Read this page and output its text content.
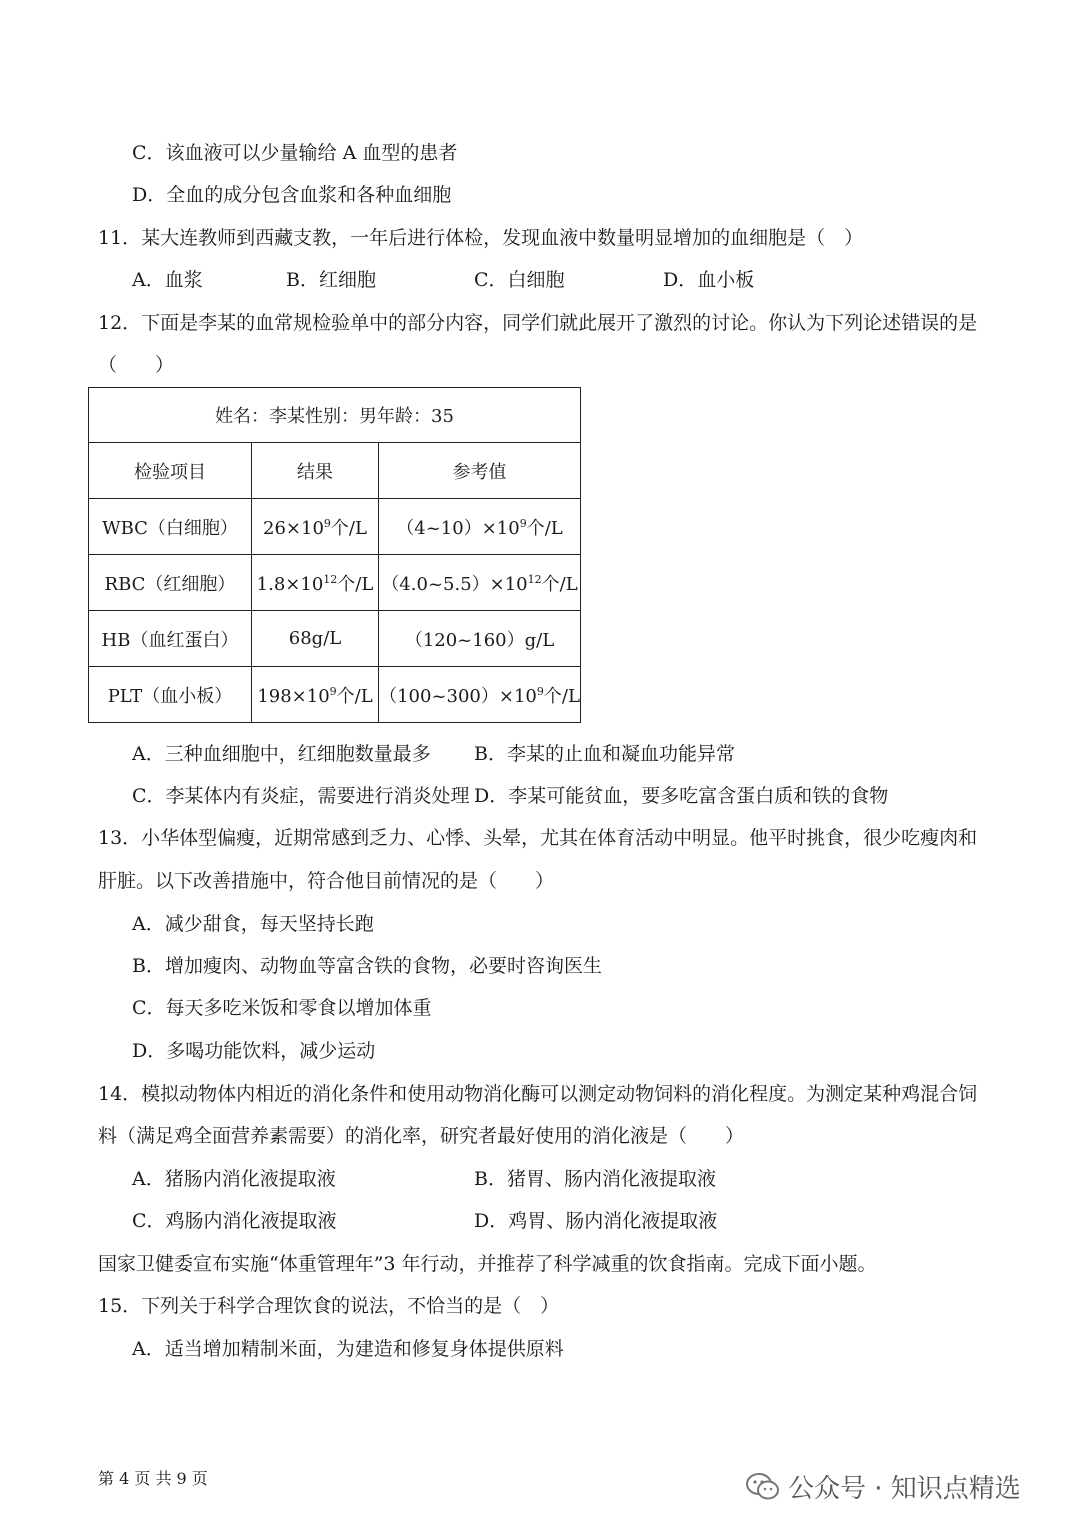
C．该血液可以少量输给 A 血型的患者
D．全血的成分包含血浆和各种血细胞
11．某大连教师到西藏支教，一年后进行体检，发现血液中数量明显增加的血细胞是（　）
A．血浆	B．红细胞	C．白细胞	D．血小板
12．下面是李某的血常规检验单中的部分内容，同学们就此展开了激烈的讨论。你认为下列论述错误的是
（　　）
姓名：李某性别：男年龄：35		
检验项目	结果	参考值
WBC（白细胞）	$26\times 10^9$个/L	$(4\sim 10)\times 10^9$个/L
RBC（红细胞）	$1.8\times 10^{12}$个/L	$(4.0\sim 5.5)\times 10^{12}$个/L
HB（血红蛋白）	68g/L	（120~160）g/L
PLT（血小板）	$198\times 10^9$个/L	$(100\sim 300)\times 10^9$个/L
A．三种血细胞中，红细胞数量最多 B．李某的止血和凝血功能异常
C．李某体内有炎症，需要进行消炎处理 D．李某可能贫血，要多吃富含蛋白质和铁的食物
13．小华体型偏瘦，近期常感到乏力、心悸、头晕，尤其在体育活动中明显。他平时挑食，很少吃瘦肉和
肝脏。以下改善措施中，符合他目前情况的是（　　）
A．减少甜食，每天坚持长跑
B．增加瘦肉、动物血等富含铁的食物，必要时咨询医生
C．每天多吃米饭和零食以增加体重
D．多喝功能饮料，减少运动
14．模拟动物体内相近的消化条件和使用动物消化酶可以测定动物饲料的消化程度。为测定某种鸡混合饲
料（满足鸡全面营养素需要）的消化率，研究者最好使用的消化液是（　　）
A．猪肠内消化液提取液	B．猪胃、肠内消化液提取液
C．鸡肠内消化液提取液	D．鸡胃、肠内消化液提取液
国家卫健委宣布实施“体重管理年”3 年行动，并推荐了科学减重的饮食指南。完成下面小题。
15．下列关于科学合理饮食的说法，不恰当的是（　）
A．适当增加精制米面，为建造和修复身体提供原料
第 4 页 共 9 页	公众号 · 知识点精选
